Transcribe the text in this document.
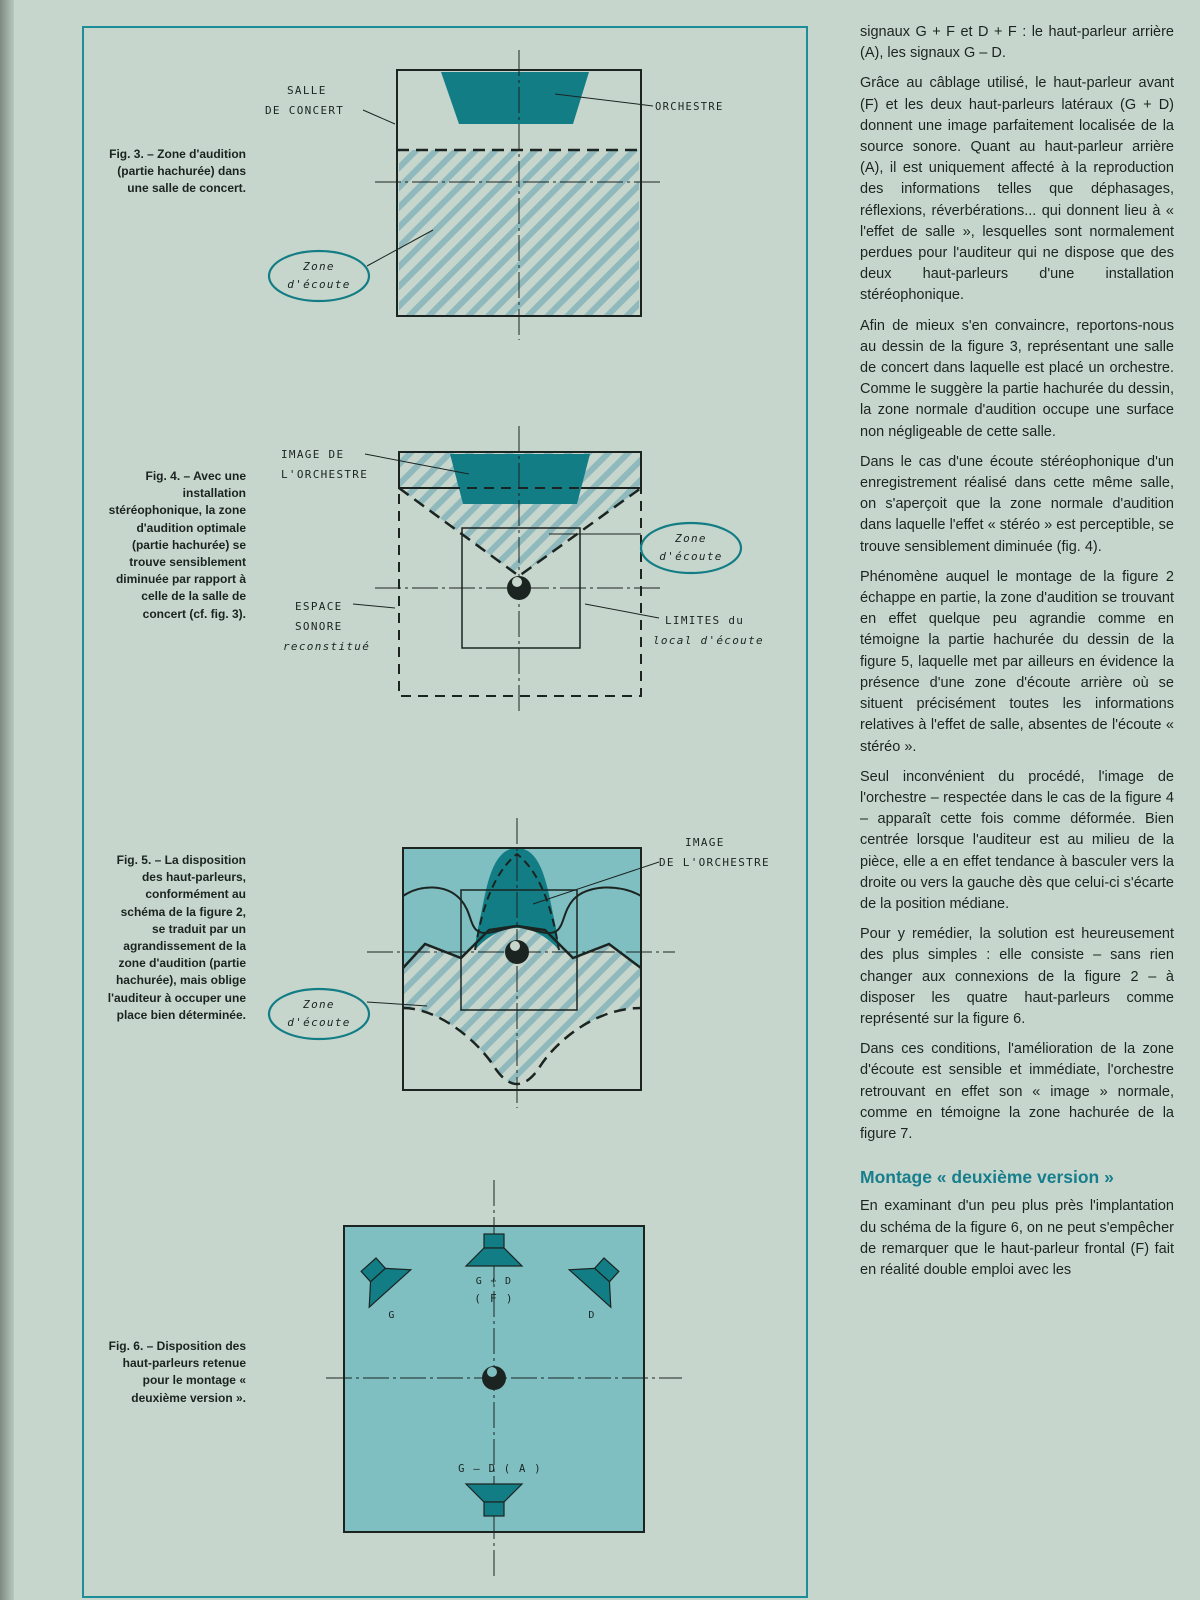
Fig. 3. – Zone d'audition (partie hachurée) dans une salle de concert.
SALLE
DE CONCERT	ORCHESTRE
Zone
d'écoute
Fig. 4. – Avec une installation stéréophonique, la zone d'audition optimale (partie hachurée) se trouve sensiblement diminuée par rapport à celle de la salle de concert (cf. fig. 3).
IMAGE DE
L'ORCHESTRE
Zone
d'écoute
ESPACE
SONORE
reconstitué
LIMITES du
local d'écoute
Fig. 5. – La disposition des haut-parleurs, conformément au schéma de la figure 2, se traduit par un agrandissement de la zone d'audition (partie hachurée), mais oblige l'auditeur à occuper une place bien déterminée.
IMAGE
DE L'ORCHESTRE
Zone
d'écoute
Fig. 6. – Disposition des haut-parleurs retenue pour le montage « deuxième version ».
G + D
( F )
G	D
G – D ( A )

signaux G + F et D + F : le haut-parleur arrière (A), les signaux G – D.

Grâce au câblage utilisé, le haut-parleur avant (F) et les deux haut-parleurs latéraux (G + D) donnent une image parfaitement localisée de la source sonore. Quant au haut-parleur arrière (A), il est uniquement affecté à la reproduction des informations telles que déphasages, réflexions, réverbérations... qui donnent lieu à « l'effet de salle », lesquelles sont normalement perdues pour l'auditeur qui ne dispose que des deux haut-parleurs d'une installation stéréophonique.

Afin de mieux s'en convaincre, reportons-nous au dessin de la figure 3, représentant une salle de concert dans laquelle est placé un orchestre. Comme le suggère la partie hachurée du dessin, la zone normale d'audition occupe une surface non négligeable de cette salle.

Dans le cas d'une écoute stéréophonique d'un enregistrement réalisé dans cette même salle, on s'aperçoit que la zone normale d'audition dans laquelle l'effet « stéréo » est perceptible, se trouve sensiblement diminuée (fig. 4).

Phénomène auquel le montage de la figure 2 échappe en partie, la zone d'audition se trouvant en effet quelque peu agrandie comme en témoigne la partie hachurée du dessin de la figure 5, laquelle met par ailleurs en évidence la présence d'une zone d'écoute arrière où se situent précisément toutes les informations relatives à l'effet de salle, absentes de l'écoute « stéréo ».

Seul inconvénient du procédé, l'image de l'orchestre – respectée dans le cas de la figure 4 – apparaît cette fois comme déformée. Bien centrée lorsque l'auditeur est au milieu de la pièce, elle a en effet tendance à basculer vers la droite ou vers la gauche dès que celui-ci s'écarte de la position médiane.

Pour y remédier, la solution est heureusement des plus simples : elle consiste – sans rien changer aux connexions de la figure 2 – à disposer les quatre haut-parleurs comme représenté sur la figure 6.

Dans ces conditions, l'amélioration de la zone d'écoute est sensible et immédiate, l'orchestre retrouvant en effet son « image » normale, comme en témoigne la zone hachurée de la figure 7.

Montage « deuxième version »

En examinant d'un peu plus près l'implantation du schéma de la figure 6, on ne peut s'empêcher de remarquer que le haut-parleur frontal (F) fait en réalité double emploi avec les
